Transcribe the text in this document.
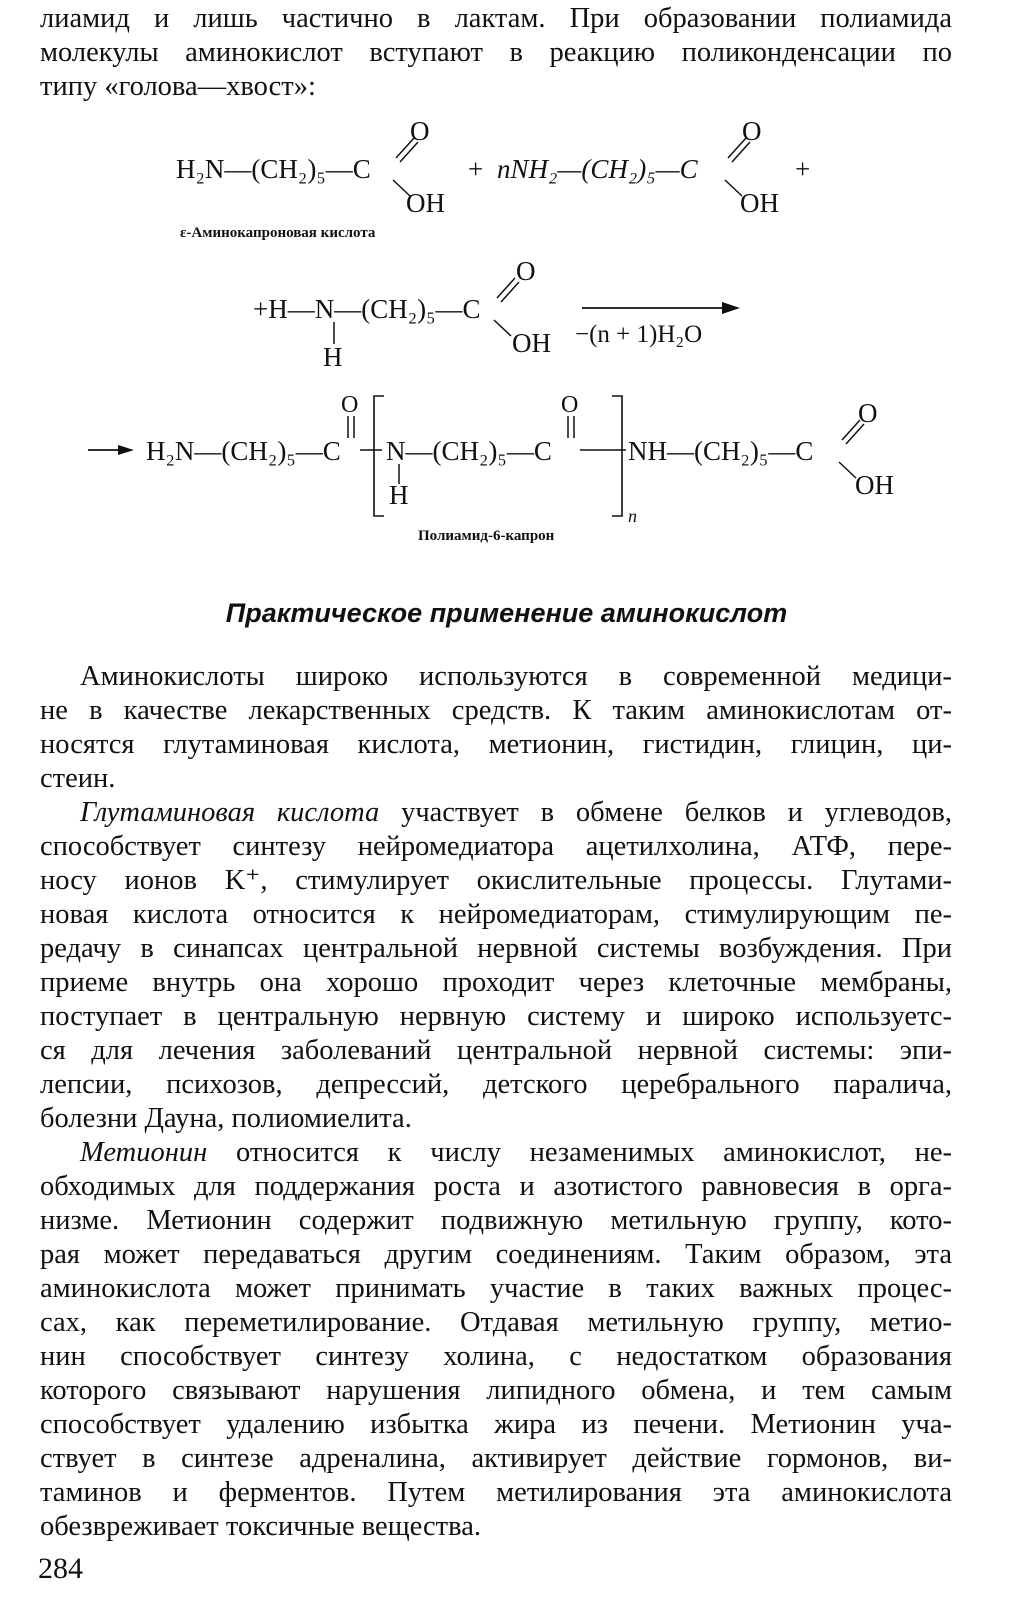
лиамид и лишь частично в лактам. При образовании полиамида
молекулы аминокислот вступают в реакцию поликонденсации по
типу «голова—хвост»:

H₂N—(CH₂)₅—C
O
OH
ε-Аминокапроновая кислота
+ nNH₂—(CH₂)₅—C
O
OH
+
+H—N—(CH₂)₅—C
H
O
OH −(n + 1)H₂O
H₂N—(CH₂)₅—C
O
N—(CH₂)₅—C
H
O
n
NH—(CH₂)₅—C
O
OH
Полиамид-6-капрон
Практическое применение аминокислот

Аминокислоты широко используются в современной медици-
не в качестве лекарственных средств. К таким аминокислотам от-
носятся глутаминовая кислота, метионин, гистидин, глицин, ци-
стеин.

Глутаминовая кислота участвует в обмене белков и углеводов,
способствует синтезу нейромедиатора ацетилхолина, АТФ, пере-
носу ионов K⁺, стимулирует окислительные процессы. Глутами-
новая кислота относится к нейромедиаторам, стимулирующим пе-
редачу в синапсах центральной нервной системы возбуждения. При
приеме внутрь она хорошо проходит через клеточные мембраны,
поступает в центральную нервную систему и широко используетс-
ся для лечения заболеваний центральной нервной системы: эпи-
лепсии, психозов, депрессий, детского церебрального паралича,
болезни Дауна, полиомиелита.

Метионин относится к числу незаменимых аминокислот, не-
обходимых для поддержания роста и азотистого равновесия в орга-
низме. Метионин содержит подвижную метильную группу, кото-
рая может передаваться другим соединениям. Таким образом, эта
аминокислота может принимать участие в таких важных процес-
сах, как переметилирование. Отдавая метильную группу, метио-
нин способствует синтезу холина, с недостатком образования
которого связывают нарушения липидного обмена, и тем самым
способствует удалению избытка жира из печени. Метионин уча-
ствует в синтезе адреналина, активирует действие гормонов, ви-
таминов и ферментов. Путем метилирования эта аминокислота
обезвреживает токсичные вещества.

284
